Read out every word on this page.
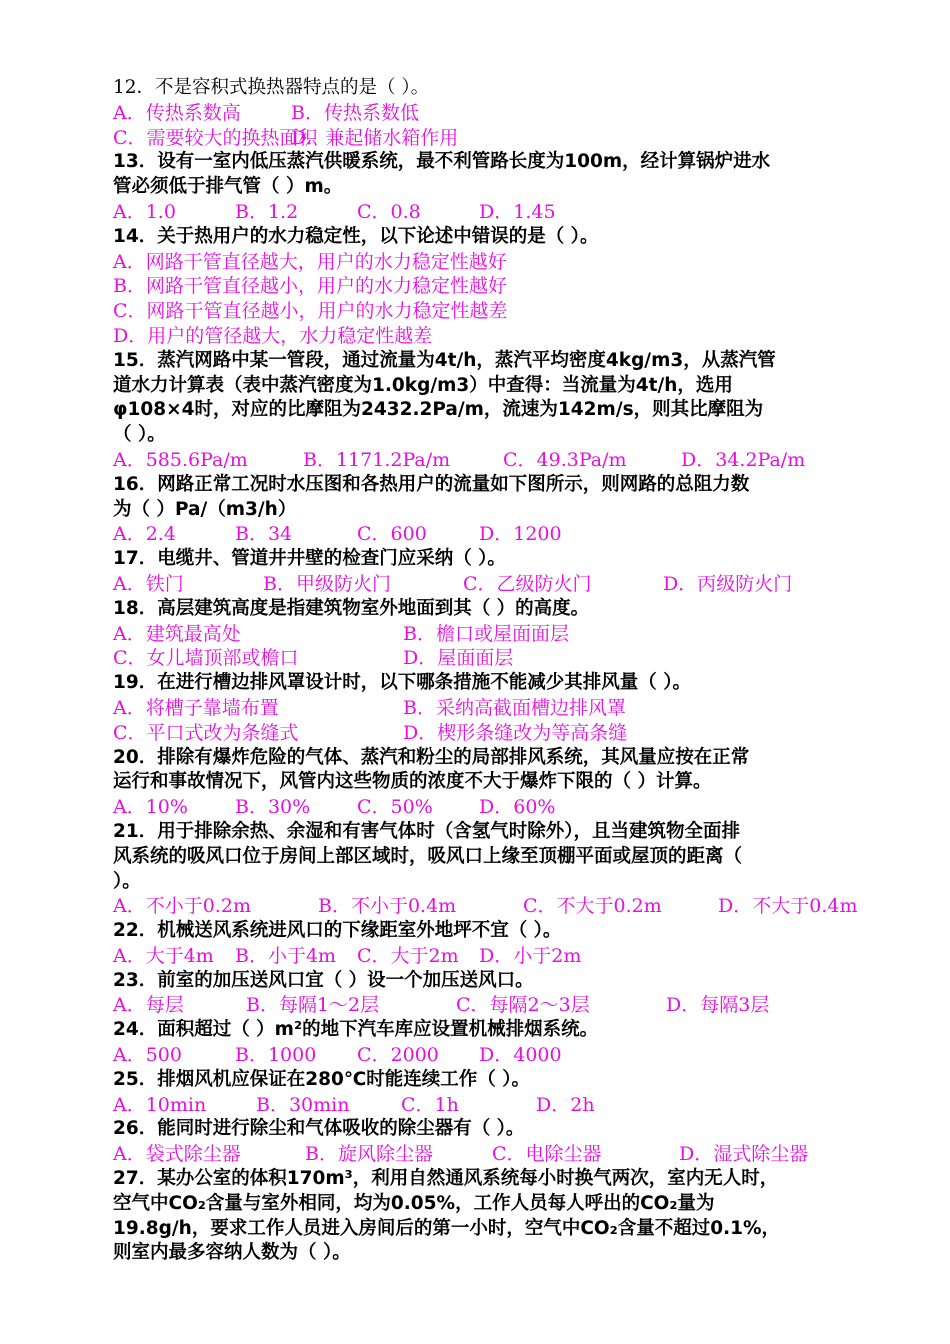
12．不是容积式换热器特点的是（ ）。
A．传热系数高	B．传热系数低
C．需要较大的换热面积D．兼起储水箱作用
13．设有一室内低压蒸汽供暖系统，最不利管路长度为100m，经计算锅炉进水
管必须低于排气管（ ）m。
A．1.0	B．1.2	C．0.8	D．1.45
14．关于热用户的水力稳定性，以下论述中错误的是（ ）。
A．网路干管直径越大，用户的水力稳定性越好
B．网路干管直径越小，用户的水力稳定性越好
C．网路干管直径越小，用户的水力稳定性越差
D．用户的管径越大，水力稳定性越差
15．蒸汽网路中某一管段，通过流量为4t/h，蒸汽平均密度4kg/m3，从蒸汽管
道水力计算表（表中蒸汽密度为1.0kg/m3）中查得：当流量为4t/h，选用
φ108×4时，对应的比摩阻为2432.2Pa/m，流速为142m/s，则其比摩阻为
（ ）。
A．585.6Pa/m	B．1171.2Pa/m	C．49.3Pa/m	D．34.2Pa/m
16．网路正常工况时水压图和各热用户的流量如下图所示，则网路的总阻力数
为（ ）Pa/（m3/h）
A．2.4	B．34	C．600	D．1200
17．电缆井、管道井井壁的检查门应采纳（ ）。
A．铁门	B．甲级防火门	C．乙级防火门	D．丙级防火门
18．高层建筑高度是指建筑物室外地面到其（ ）的高度。
A．建筑最高处	B．檐口或屋面面层
C．女儿墙顶部或檐口	D．屋面面层
19．在进行槽边排风罩设计时，以下哪条措施不能减少其排风量（ ）。
A．将槽子靠墙布置	B．采纳高截面槽边排风罩
C．平口式改为条缝式	D．楔形条缝改为等高条缝
20．排除有爆炸危险的气体、蒸汽和粉尘的局部排风系统，其风量应按在正常
运行和事故情况下，风管内这些物质的浓度不大于爆炸下限的（ ）计算。
A．10% B．30% C．50% D．60%
21．用于排除余热、余湿和有害气体时（含氢气时除外），且当建筑物全面排
风系统的吸风口位于房间上部区域时，吸风口上缘至顶棚平面或屋顶的距离（
）。
A．不小于0.2m	B．不小于0.4m	C．不大于0.2m	D．不大于0.4m
22．机械送风系统进风口的下缘距室外地坪不宜（ ）。
A．大于4m B．小于4m C．大于2m D．小于2m
23．前室的加压送风口宜（ ）设一个加压送风口。
A．每层	B．每隔1～2层	C．每隔2～3层	D．每隔3层
24．面积超过（ ）m²的地下汽车库应设置机械排烟系统。
A．500	B．1000 C．2000 D．4000
25．排烟风机应保证在280℃时能连续工作（ ）。
A．10min	B．30min	C．1h	D．2h
26．能同时进行除尘和气体吸收的除尘器有（ ）。
A．袋式除尘器	B．旋风除尘器	C．电除尘器	D．湿式除尘器
27．某办公室的体积170m³，利用自然通风系统每小时换气两次，室内无人时，
空气中CO₂含量与室外相同，均为0.05%，工作人员每人呼出的CO₂量为
19.8g/h，要求工作人员进入房间后的第一小时，空气中CO₂含量不超过0.1%，
则室内最多容纳人数为（ ）。
